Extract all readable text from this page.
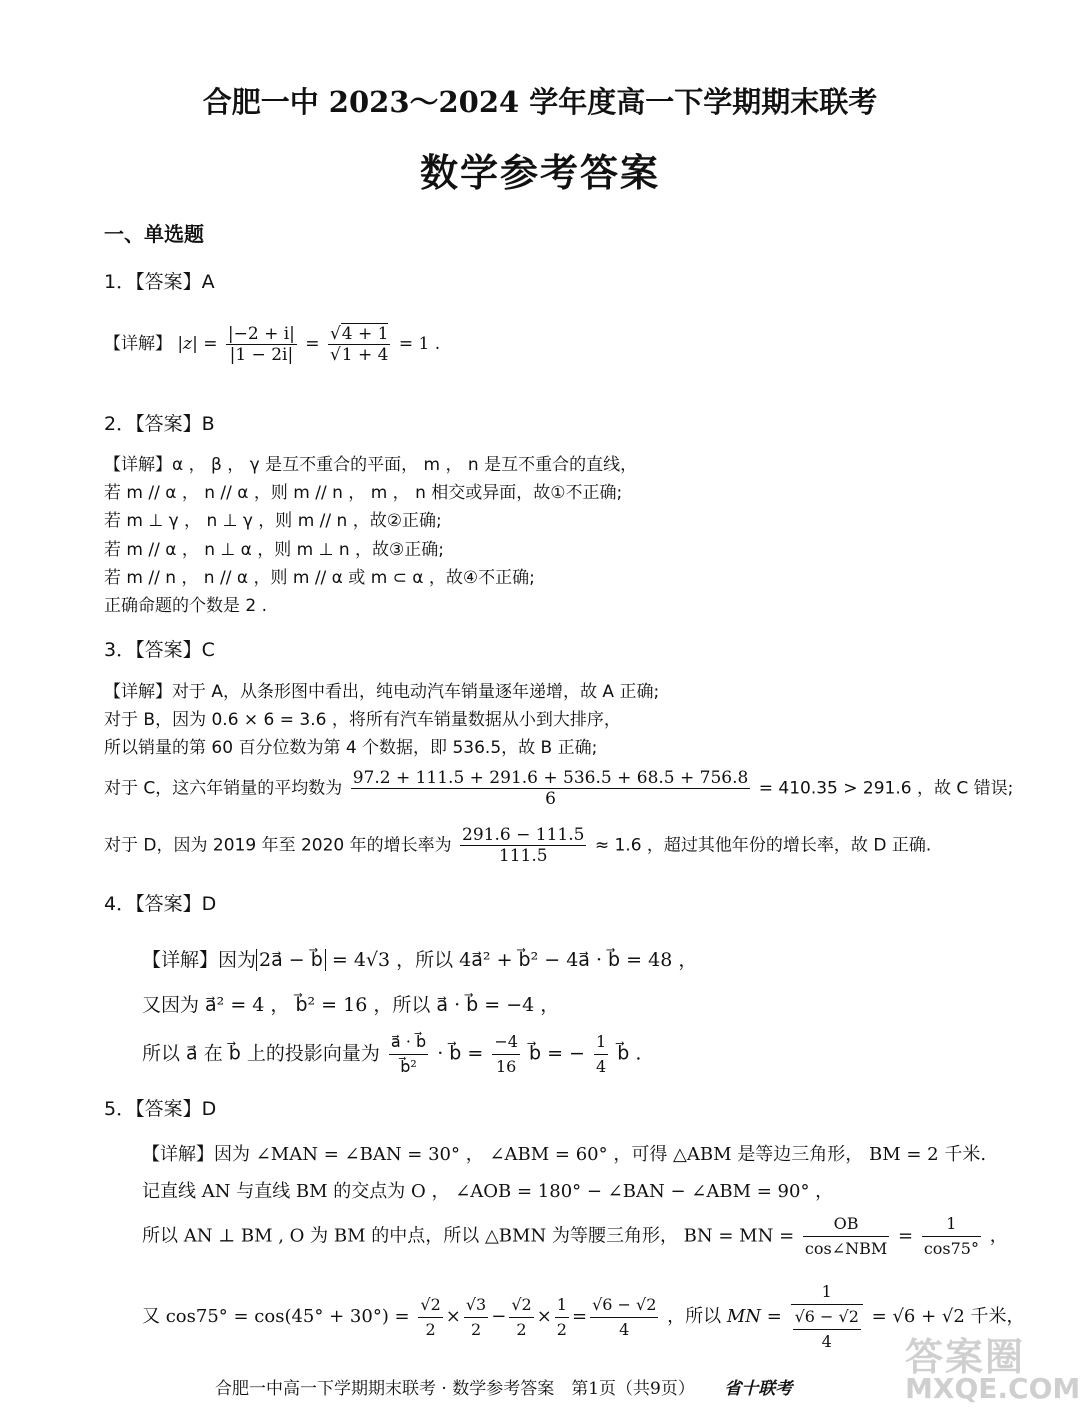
合肥一中 2023～2024 学年度高一下学期期末联考
数学参考答案
一、单选题
1．【答案】A
【详解】 $|z| = \frac{|-2 + i|}{|1 - 2i|} = \frac{√4 + 1}{√1 + 4} = 1$ .
2．【答案】B
【详解】α ， β ， γ 是互不重合的平面， m ， n 是互不重合的直线，
若 m // α ， n // α ，则 m // n ， m ， n 相交或异面，故①不正确;
若 m ⊥ γ ， n ⊥ γ ，则 m // n ，故②正确;
若 m // α ， n ⊥ α ，则 m ⊥ n ，故③正确;
若 m // n ， n // α ，则 m // α 或 m ⊂ α ，故④不正确;
正确命题的个数是 2 .
3．【答案】C
【详解】对于 A，从条形图中看出，纯电动汽车销量逐年递增，故 A 正确;
对于 B，因为 0.6 × 6 = 3.6 ，将所有汽车销量数据从小到大排序，
所以销量的第 60 百分位数为第 4 个数据，即 536.5，故 B 正确;
对于 C，这六年销量的平均数为 $\frac{97.2 + 111.5 + 291.6 + 536.5 + 68.5 + 756.8}{6} = 410.35 > 291.6$ ，故 C 错误;
对于 D，因为 2019 年至 2020 年的增长率为 $\frac{291.6 - 111.5}{111.5} \approx 1.6$ ，超过其他年份的增长率，故 D 正确.
4．【答案】D
【详解】因为 2a⃗ − b⃗ = 4√3 ，所以 4a⃗² + b⃗² − 4a⃗ · b⃗ = 48 ，
又因为 a⃗² = 4 ， b⃗² = 16 ，所以 a⃗ · b⃗ = −4 ，
所以 a⃗ 在 b⃗ 上的投影向量为 $\frac{a⃗ \cdot b⃗}{\text{b⃗²}}$ · b⃗ = $\frac{-4}{16}$ b⃗ = − $\frac{1}{4}$ b⃗ .
5．【答案】D
【详解】因为 ∠MAN = ∠BAN = 30° ， ∠ABM = 60° ，可得 △ABM 是等边三角形， BM = 2 千米.
记直线 AN 与直线 BM 的交点为 O ， ∠AOB = 180° − ∠BAN − ∠ABM = 90° ，
所以 AN ⊥ BM , O 为 BM 的中点，所以 △BMN 为等腰三角形， BN = MN = $\frac{OB}{\text{cos∠NBM}} = \frac{1}{\cos 75^\circ}$ ，
又 $\cos 75^\circ = \cos(45^\circ + 30^\circ) = \frac{√2}{2} \times \frac{√3}{2} - \frac{√2}{2} \times \frac{1}{2} = \frac{√6 - √2}{4}$ ，所以 MN = $\frac{1}{\frac{√6 - √2}{4}} = √6 + √2$ 千米，
合肥一中高一下学期期末联考 · 数学参考答案　第1页（共9页） 省十联考
答案圈
MXQE.COM
